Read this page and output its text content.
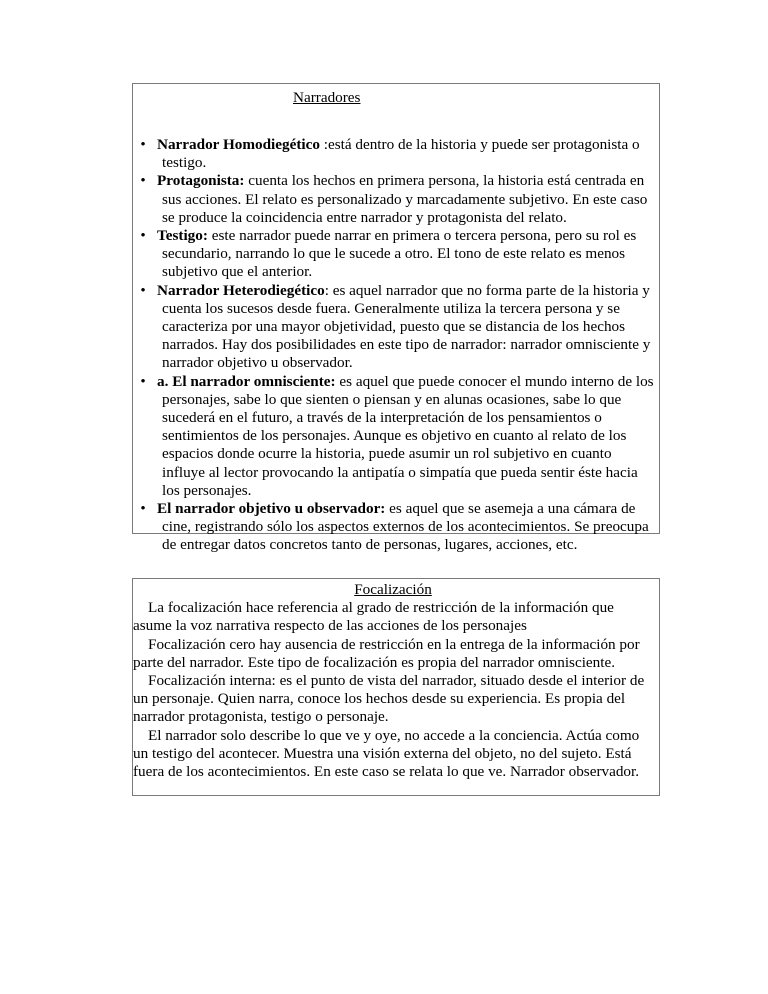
Narradores
• Narrador Homodiegético :está dentro de la historia y puede ser protagonista o testigo.
• Protagonista: cuenta los hechos en primera persona, la historia está centrada en sus acciones. El relato es personalizado y marcadamente subjetivo. En este caso se produce la coincidencia entre narrador y protagonista del relato.
• Testigo: este narrador puede narrar en primera o tercera persona, pero su rol es secundario, narrando lo que le sucede a otro. El tono de este relato es menos subjetivo que el anterior.
• Narrador Heterodiegético: es aquel narrador que no forma parte de la historia y cuenta los sucesos desde fuera. Generalmente utiliza la tercera persona y se caracteriza por una mayor objetividad, puesto que se distancia de los hechos narrados. Hay dos posibilidades en este tipo de narrador: narrador omnisciente y narrador objetivo u observador.
• a. El narrador omnisciente: es aquel que puede conocer el mundo interno de los personajes, sabe lo que sienten o piensan y en alunas ocasiones, sabe lo que sucederá en el futuro, a través de la interpretación de los pensamientos o sentimientos de los personajes. Aunque es objetivo en cuanto al relato de los espacios donde ocurre la historia, puede asumir un rol subjetivo en cuanto influye al lector provocando la antipatía o simpatía que pueda sentir éste hacia los personajes.
• El narrador objetivo u observador: es aquel que se asemeja a una cámara de cine, registrando sólo los aspectos externos de los acontecimientos. Se preocupa de entregar datos concretos tanto de personas, lugares, acciones, etc.
Focalización

La focalización hace referencia al grado de restricción de la información que asume la voz narrativa respecto de las acciones de los personajes

Focalización cero hay ausencia de restricción en la entrega de la información por parte del narrador. Este tipo de focalización es propia del narrador omnisciente.

Focalización interna: es el punto de vista del narrador, situado desde el interior de un personaje. Quien narra, conoce los hechos desde su experiencia. Es propia del narrador protagonista, testigo o personaje.

El narrador solo describe lo que ve y oye, no accede a la conciencia. Actúa como un testigo del acontecer. Muestra una visión externa del objeto, no del sujeto. Está fuera de los acontecimientos. En este caso se relata lo que ve. Narrador observador.
